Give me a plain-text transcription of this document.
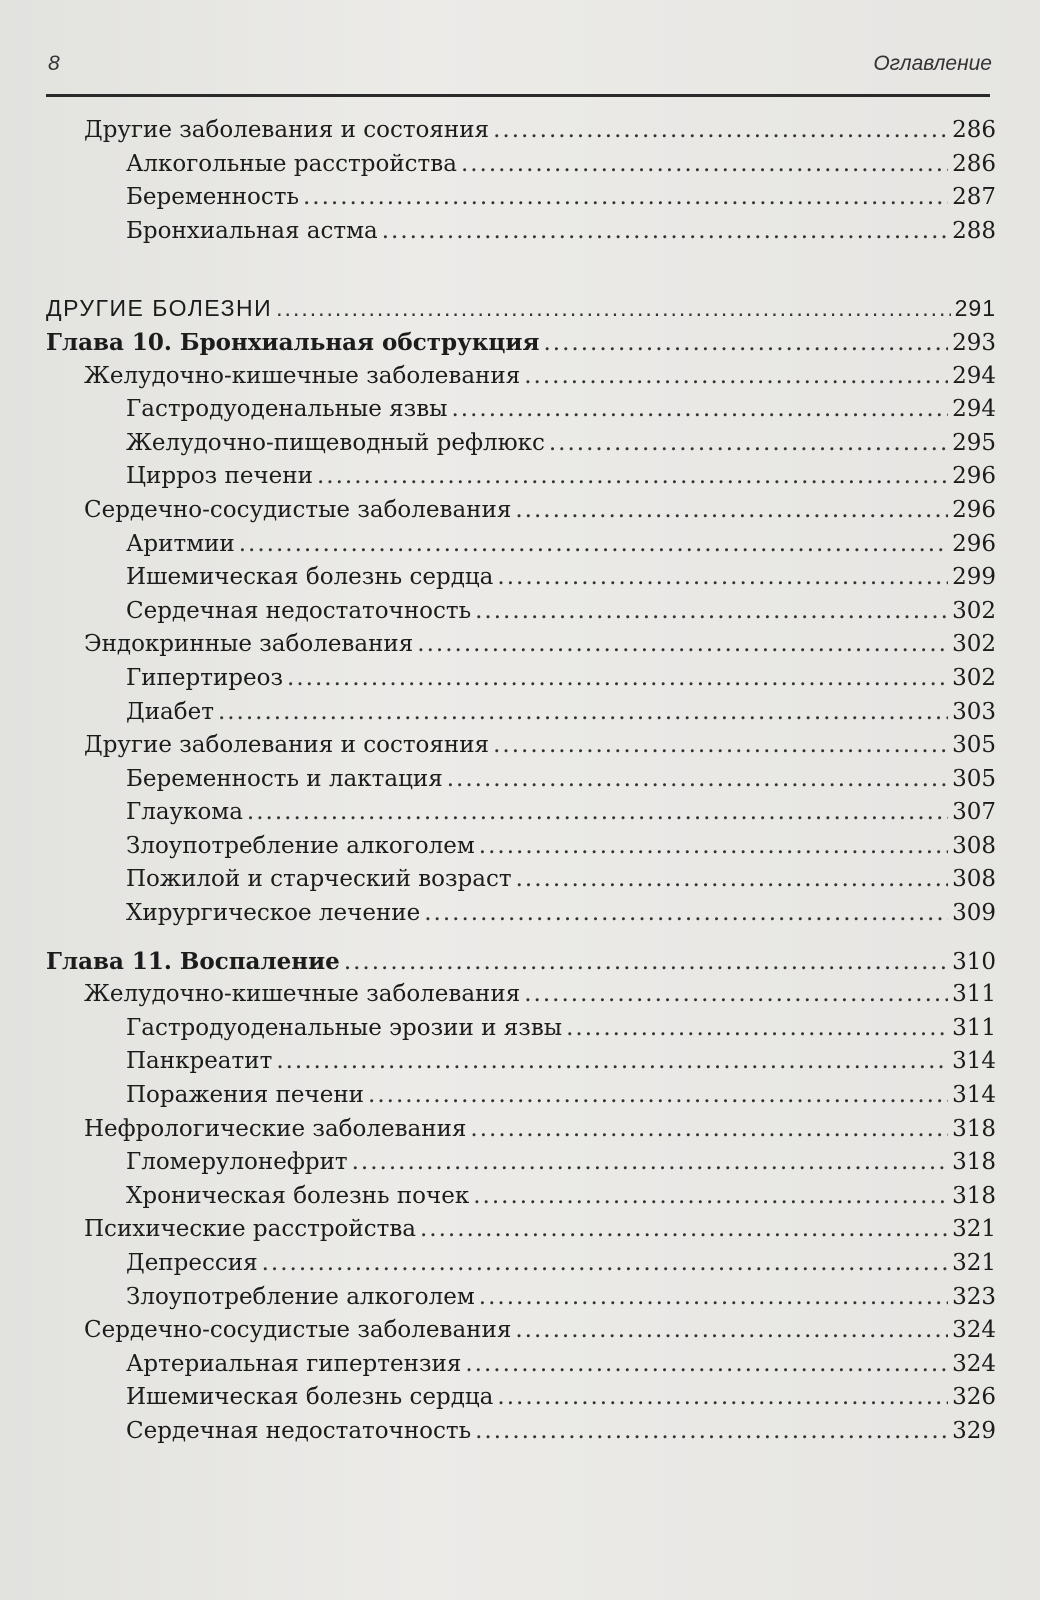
8	Оглавление
Другие заболевания и состояния .....	286
Алкогольные расстройства .....	286
Беременность .....	287
Бронхиальная астма .....	288
ДРУГИЕ БОЛЕЗНИ .....	291
Глава 10. Бронхиальная обструкция .....	293
Желудочно-кишечные заболевания .....	294
Гастродуоденальные язвы .....	294
Желудочно-пищеводный рефлюкс .....	295
Цирроз печени .....	296
Сердечно-сосудистые заболевания .....	296
Аритмии .....	296
Ишемическая болезнь сердца .....	299
Сердечная недостаточность .....	302
Эндокринные заболевания .....	302
Гипертиреоз .....	302
Диабет .....	303
Другие заболевания и состояния .....	305
Беременность и лактация .....	305
Глаукома .....	307
Злоупотребление алкоголем .....	308
Пожилой и старческий возраст .....	308
Хирургическое лечение .....	309
Глава 11. Воспаление .....	310
Желудочно-кишечные заболевания .....	311
Гастродуоденальные эрозии и язвы .....	311
Панкреатит .....	314
Поражения печени .....	314
Нефрологические заболевания .....	318
Гломерулонефрит .....	318
Хроническая болезнь почек .....	318
Психические расстройства .....	321
Депрессия .....	321
Злоупотребление алкоголем .....	323
Сердечно-сосудистые заболевания .....	324
Артериальная гипертензия .....	324
Ишемическая болезнь сердца .....	326
Сердечная недостаточность .....	329
